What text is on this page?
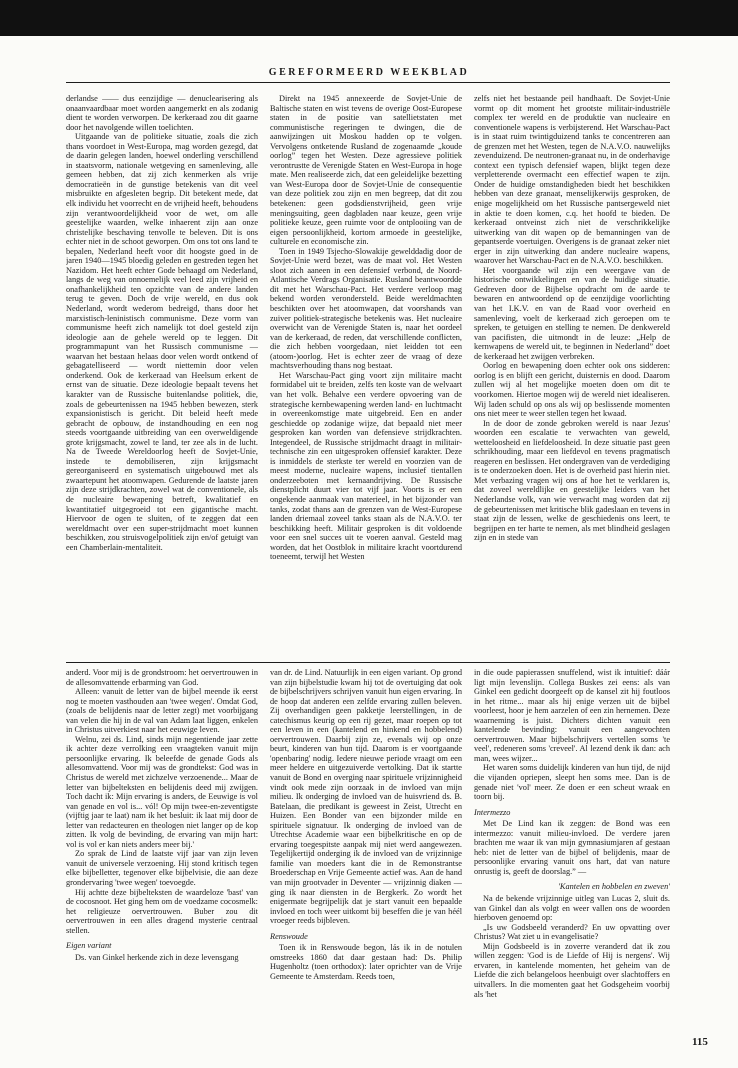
GEREFORMEERD WEEKBLAD

derlandse —— dus eenzijdige — denuclearisering als onaanvaardbaar moet worden aangemerkt en als zodanig dient te worden verworpen. De kerkeraad zou dit gaarne door het navolgende willen toelichten.

Uitgaande van de politieke situatie, zoals die zich thans voordoet in West-Europa, mag worden gezegd, dat de daarin gelegen landen, hoewel onderling verschillend in staatsvorm, nationale wetgeving en samenleving, alle gemeen hebben, dat zij zich kenmerken als vrije democratieën in de gunstige betekenis van dit veel misbruikte en afgesleten begrip. Dit betekent mede, dat elk individu het voorrecht en de vrijheid heeft, behoudens zijn verantwoordelijkheid voor de wet, om alle geestelijke waarden, welke inhaerent zijn aan onze christelijke beschaving tenvolle te beleven. Dit is ons echter niet in de schoot geworpen. Om ons tot ons land te bepalen, Nederland heeft voor dit hoogste goed in de jaren 1940—1945 bloedig geleden en gestreden tegen het Nazidom. Het heeft echter Gode behaagd om Nederland, langs de weg van onnoemelijk veel leed zijn vrijheid en onafhankelijkheid ten opzichte van de andere landen terug te geven. Doch de vrije wereld, en dus ook Nederland, wordt wederom bedreigd, thans door het marxistisch-leninistisch communisme. Deze vorm van communisme heeft zich namelijk tot doel gesteld zijn ideologie aan de gehele wereld op te leggen. Dit programmapunt van het Russisch communisme — waarvan het bestaan helaas door velen wordt ontkend of gebagatelliseerd — wordt niettemin door velen onderkend. Ook de kerkeraad van Heelsum erkent de ernst van de situatie. Deze ideologie bepaalt tevens het karakter van de Russische buitenlandse politiek, die, zoals de gebeurtenissen na 1945 hebben bewezen, sterk expansionistisch is gericht. Dit beleid heeft mede gebracht de opbouw, de instandhouding en een nog steeds voortgaande uitbreiding van een overweldigende grote krijgsmacht, zowel te land, ter zee als in de lucht. Na de Tweede Wereldoorlog heeft de Sovjet-Unie, instede te demobiliseren, zijn krijgsmacht gereorganiseerd en systematisch uitgebouwd met als zwaartepunt het atoomwapen. Gedurende de laatste jaren zijn deze strijdkrachten, zowel wat de conventionele, als de nucleaire bewapening betreft, kwalitatief en kwantitatief uitgegroeid tot een gigantische macht. Hiervoor de ogen te sluiten, of te zeggen dat een wereldmacht over een super-strijdmacht moet kunnen beschikken, zou struisvogelpolitiek zijn en/of getuigt van een Chamberlain-mentaliteit.

Direkt na 1945 annexeerde de Sovjet-Unie de Baltische staten en wist tevens de overige Oost-Europese staten in de positie van satellietstaten met communistische regeringen te dwingen, die de aanwijzingen uit Moskou hadden op te volgen. Vervolgens ontketende Rusland de zogenaamde „koude oorlog” tegen het Westen. Deze agressieve politiek verontrustte de Verenigde Staten en West-Europa in hoge mate. Men realiseerde zich, dat een geleidelijke bezetting van West-Europa door de Sovjet-Unie de consequentie van deze politiek zou zijn en men begreep, dat dit zou betekenen: geen godsdienstvrijheid, geen vrije meningsuiting, geen dagbladen naar keuze, geen vrije politieke keuze, geen ruimte voor de ontplooiing van de eigen persoonlijkheid, kortom armoede in geestelijke, culturele en economische zin.

Toen in 1949 Tsjecho-Slowakije gewelddadig door de Sovjet-Unie werd bezet, was de maat vol. Het Westen sloot zich aaneen in een defensief verbond, de Noord-Atlantische Verdrags Organisatie. Rusland beantwoordde dit met het Warschau-Pact. Het verdere verloop mag bekend worden verondersteld. Beide wereldmachten beschikten over het atoomwapen, dat voorshands van zuiver politiek-strategische betekenis was. Het nucleaire overwicht van de Verenigde Staten is, naar het oordeel van de kerkeraad, de reden, dat verschillende conflicten, die zich hebben voorgedaan, niet leidden tot een (atoom-)oorlog. Het is echter zeer de vraag of deze machtsverhouding thans nog bestaat.

Het Warschau-Pact ging voort zijn militaire macht formidabel uit te breiden, zelfs ten koste van de welvaart van het volk. Behalve een verdere opvoering van de strategische kernbewapening werden land- en luchtmacht in overeenkomstige mate uitgebreid. Een en ander geschiedde op zodanige wijze, dat bepaald niet meer gesproken kan worden van defensieve strijdkrachten. Integendeel, de Russische strijdmacht draagt in militair-technische zin een uitgesproken offensief karakter. Deze is inmiddels de sterkste ter wereld en voorzien van de meest moderne, nucleaire wapens, inclusief tientallen onderzeeboten met kernaandrijving. De Russische dienstplicht duurt vier tot vijf jaar. Voorts is er een ongekende aanmaak van materieel, in het bijzonder van tanks, zodat thans aan de grenzen van de West-Europese landen driemaal zoveel tanks staan als de N.A.V.O. ter beschikking heeft. Militair gesproken is dit voldoende voor een snel succes uit te voeren aanval. Gesteld mag worden, dat het Oostblok in militaire kracht voortdurend toeneemt, terwijl het Westen

zelfs niet het bestaande peil handhaaft. De Sovjet-Unie vormt op dit moment het grootste militair-industriële complex ter wereld en de produktie van nucleaire en conventionele wapens is verbijsterend. Het Warschau-Pact is in staat ruim twintigduizend tanks te concentreren aan de grenzen met het Westen, tegen de N.A.V.O. nauwelijks zevenduizend. De neutronen-granaat nu, in de onderhavige context een typisch defensief wapen, blijkt tegen deze verpletterende overmacht een effectief wapen te zijn. Onder de huidige omstandigheden biedt het beschikken hebben van deze granaat, menselijkerwijs gesproken, de enige mogelijkheid om het Russische pantsergeweld niet in aktie te doen komen, c.q. het hoofd te bieden. De kerkeraad ontveinst zich niet de verschrikkelijke uitwerking van dit wapen op de bemanningen van de gepantserde voertuigen. Overigens is de granaat zeker niet erger in zijn uitwerking dan andere nucleaire wapens, waarover het Warschau-Pact en de N.A.V.O. beschikken.

Het voorgaande wil zijn een weergave van de historische ontwikkelingen en van de huidige situatie. Gedreven door de Bijbelse opdracht om de aarde te bewaren en antwoordend op de eenzijdige voorlichting van het I.K.V. en van de Raad voor overheid en samenleving, voelt de kerkeraad zich geroepen om te spreken, te getuigen en stelling te nemen. De denkwereld van pacifisten, die uitmondt in de leuze: „Help de kernwapens de wereld uit, te beginnen in Nederland” doet de kerkeraad het zwijgen verbreken.

Oorlog en bewapening doen echter ook ons sidderen: oorlog is en blijft een gericht, duisternis en dood. Daarom zullen wij al het mogelijke moeten doen om dit te voorkomen. Hiertoe mogen wij de wereld niet idealiseren. Wij laden schuld op ons als wij op beslissende momenten ons niet meer te weer stellen tegen het kwaad.

In de door de zonde gebroken wereld is naar Jezus' woorden een escalatie te verwachten van geweld, wetteloosheid en liefdeloosheid. In deze situatie past geen schrikhouding, maar een liefdevol en tevens pragmatisch reageren en beslissen. Het ondergraven van de verdediging is te onderzoeken doen. Het is de overheid past hierin niet. Met verbazing vragen wij ons af hoe het te verklaren is, dat zoveel wereldlijke en geestelijke leiders van het Nederlandse volk, van wie verwacht mag worden dat zij de gebeurtenissen met kritische blik gadeslaan en tevens in staat zijn de lessen, welke de geschiedenis ons leert, te begrijpen en ter harte te nemen, als met blindheid geslagen zijn en in stede van

anderd. Voor mij is de grondstroom: het oervertrouwen in de allesomvattende erbarming van God.

Alleen: vanuit de letter van de bijbel meende ik eerst nog te moeten vasthouden aan 'twee wegen'. Omdat God, (zoals de belijdenis naar de letter zegt) met voorbijgang van velen die hij in de val van Adam laat liggen, enkelen in Christus uitverkiest naar het eeuwige leven.

Welnu, zei ds. Lind, sinds mijn negentiende jaar zette ik achter deze verrolking een vraagteken vanuit mijn persoonlijke ervaring. Ik beleefde de genade Gods als allesomvattend. Voor mij was de grondtekst: God was in Christus de wereld met zichzelve verzoenende... Maar de letter van bijbelteksten en belijdenis deed mij zwijgen. Toch dacht ik: Mijn ervaring is anders, de Eeuwige is vol van genade en vol is... vól! Op mijn twee-en-zeventigste (vijftig jaar te laat) nam ik het besluit: ik laat mij door de letter van redacteuren en theologen niet langer op de kop zitten. Ik volg de bevinding, de ervaring van mijn hart: vol is vol er kan niets anders meer bij.'

Zo sprak de Lind de laatste vijf jaar van zijn leven vanuit de universele verzoening. Hij stond kritisch tegen elke bijbelletter, tegenover elke bijbelvisie, die aan deze grondervaring 'twee wegen' toevoegde.

Hij achtte deze bijbelteksten de waardeloze 'bast' van de cocosnoot. Het ging hem om de voedzame cocosmelk: het religieuze oervertrouwen. Buber zou dit oervertrouwen in een alles dragend mysterie centraal stellen.

Eigen variant

Ds. van Ginkel herkende zich in deze levensgang

van dr. de Lind. Natuurlijk in een eigen variant. Op grond van zijn bijbelstudie kwam hij tot de overtuiging dat ook de bijbelschrijvers schrijven vanuit hun eigen ervaring. In de hoop dat anderen een zelfde ervaring zullen beleven. Zij overhandigen geen pakketje leerstellingen, in de catechismus keurig op een rij gezet, maar roepen op tot een leven in een (kantelend en hinkend en hobbelend) oervertrouwen. Daarbij zijn ze, evenals wij op onze beurt, kinderen van hun tijd. Daarom is er voortgaande 'openbaring' nodig. Iedere nieuwe periode vraagt om een meer heldere en uitgezuiverde vertolking. Dat ik startte vanuit de Bond en overging naar spirituele vrijzinnigheid vindt ook mede zijn oorzaak in de invloed van mijn milieu. Ik onderging de invloed van de huisvriend ds. B. Batelaan, die predikant is geweest in Zeist, Utrecht en Huizen. Een Bonder van een bijzonder milde en spirituele signatuur. Ik onderging de invloed van de Utrechtse Academie waar een bijbelkritische en op de ervaring toegespitste aanpak mij niet werd aangewezen. Tegelijkertijd onderging ik de invloed van de vrijzinnige familie van moeders kant die in de Remonstrantse Broederschap en Vrije Gemeente actief was. Aan de hand van mijn grootvader in Deventer — vrijzinnig diaken — ging ik naar diensten in de Bergkerk. Zo wordt het enigermate begrijpelijk dat je start vanuit een bepaalde invloed en toch weer uitkomt bij beseffen die je van héél vroeger reeds bijbleven.

Renswoude

Toen ik in Renswoude begon, lás ik in de notulen omstreeks 1860 dat daar gestaan had: Ds. Philip Hugenholtz (toen orthodox): later oprichter van de Vrije Gemeente te Amsterdam. Reeds toen,

in die oude papierassen snuffelend, wist ik intuïtief: dáár ligt mijn levenslijn. Collega Buskes zei eens: als van Ginkel een gedicht doorgeeft op de kansel zit hij foutloos in het ritme... maar als hij enige verzen uit de bijbel voorleest, hoor je hem aarzelen of een zin hernemen. Deze waarneming is juist. Dichters dichten vanuit een kantelende bevinding: vanuit een aangevochten oervertrouwen. Maar bijbelschrijvers vertellen soms 'te veel', redeneren soms 'creveel'. Al lezend denk ik dan: ach man, wees wijzer...

Het waren soms duidelijk kinderen van hun tijd, de nijd die vijanden opriepen, sleept hen soms mee. Dan is de genade niet 'vol' meer. Ze doen er een scheut wraak en toorn bij.

Intermezzo

Met De Lind kan ik zeggen: de Bond was een intermezzo: vanuit milieu-invloed. De verdere jaren brachten me waar ik van mijn gymnasiumjaren af gestaan heb: niet de letter van de bijbel of belijdenis, maar de persoonlijke ervaring vanuit ons hart, dat van nature onrustig is, geeft de doorslag.” —

'Kantelen en hobbelen en zweven'

Na de bekende vrijzinnige uitleg van Lucas 2, sluit ds. van Ginkel dan als volgt en weer vallen ons de woorden hierboven genoemd op:

„Is uw Godsbeeld veranderd? En uw opvatting over Christus? Wat ziet u in evangelisatie?

Mijn Godsbeeld is in zoverre veranderd dat ik zou willen zeggen: 'God is de Liefde of Hij is nergens'. Wij ervaren, in kantelende momenten, het geheim van de Liefde die zich belangeloos heenbuigt over slachtoffers en uitvallers. In die momenten gaat het Godsgeheim voorbij als 'het

115
